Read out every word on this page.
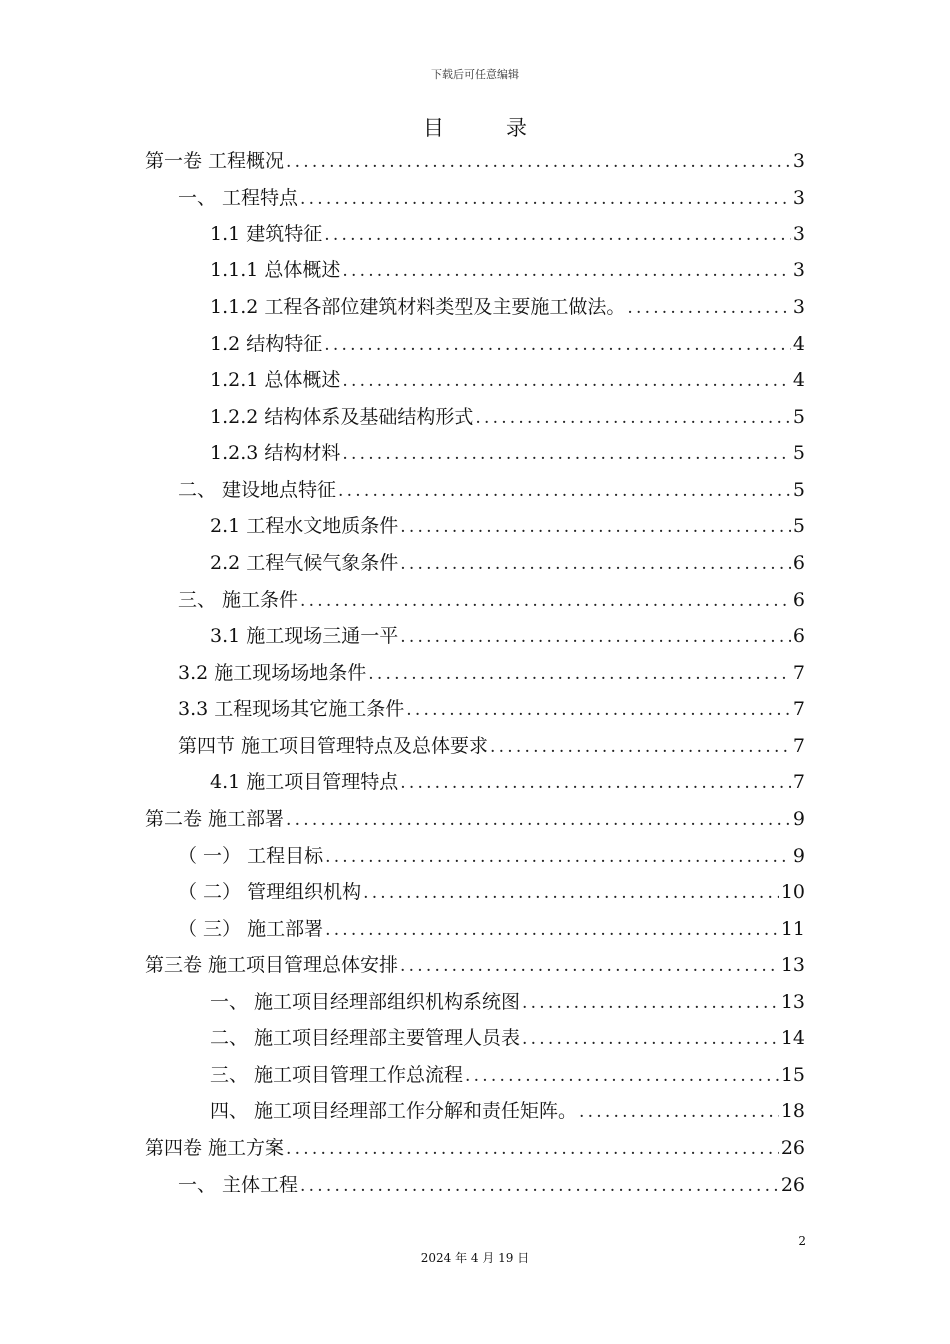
下载后可任意编辑
目	录
第一卷 工程概况 .....	3
一、 工程特点 .....	3
1.1 建筑特征 .....	3
1.1.1 总体概述 .....	3
1.1.2 工程各部位建筑材料类型及主要施工做法。 .....	3
1.2 结构特征 .....	4
1.2.1 总体概述 .....	4
1.2.2 结构体系及基础结构形式 .....	5
1.2.3 结构材料 .....	5
二、 建设地点特征 .....	5
2.1 工程水文地质条件 .....	5
2.2 工程气候气象条件 .....	6
三、 施工条件 .....	6
3.1 施工现场三通一平 .....	6
3.2 施工现场场地条件 .....	7
3.3 工程现场其它施工条件 .....	7
第四节 施工项目管理特点及总体要求 .....	7
4.1 施工项目管理特点 .....	7
第二卷 施工部署 .....	9
（ 一） 工程目标 .....	9
（ 二） 管理组织机构 .....	10
（ 三） 施工部署 .....	11
第三卷 施工项目管理总体安排 .....	13
一、 施工项目经理部组织机构系统图 .....	13
二、 施工项目经理部主要管理人员表 .....	14
三、 施工项目管理工作总流程 .....	15
四、 施工项目经理部工作分解和责任矩阵。 .....	18
第四卷 施工方案 .....	26
一、 主体工程 .....	26
2
2024 年 4 月 19 日
